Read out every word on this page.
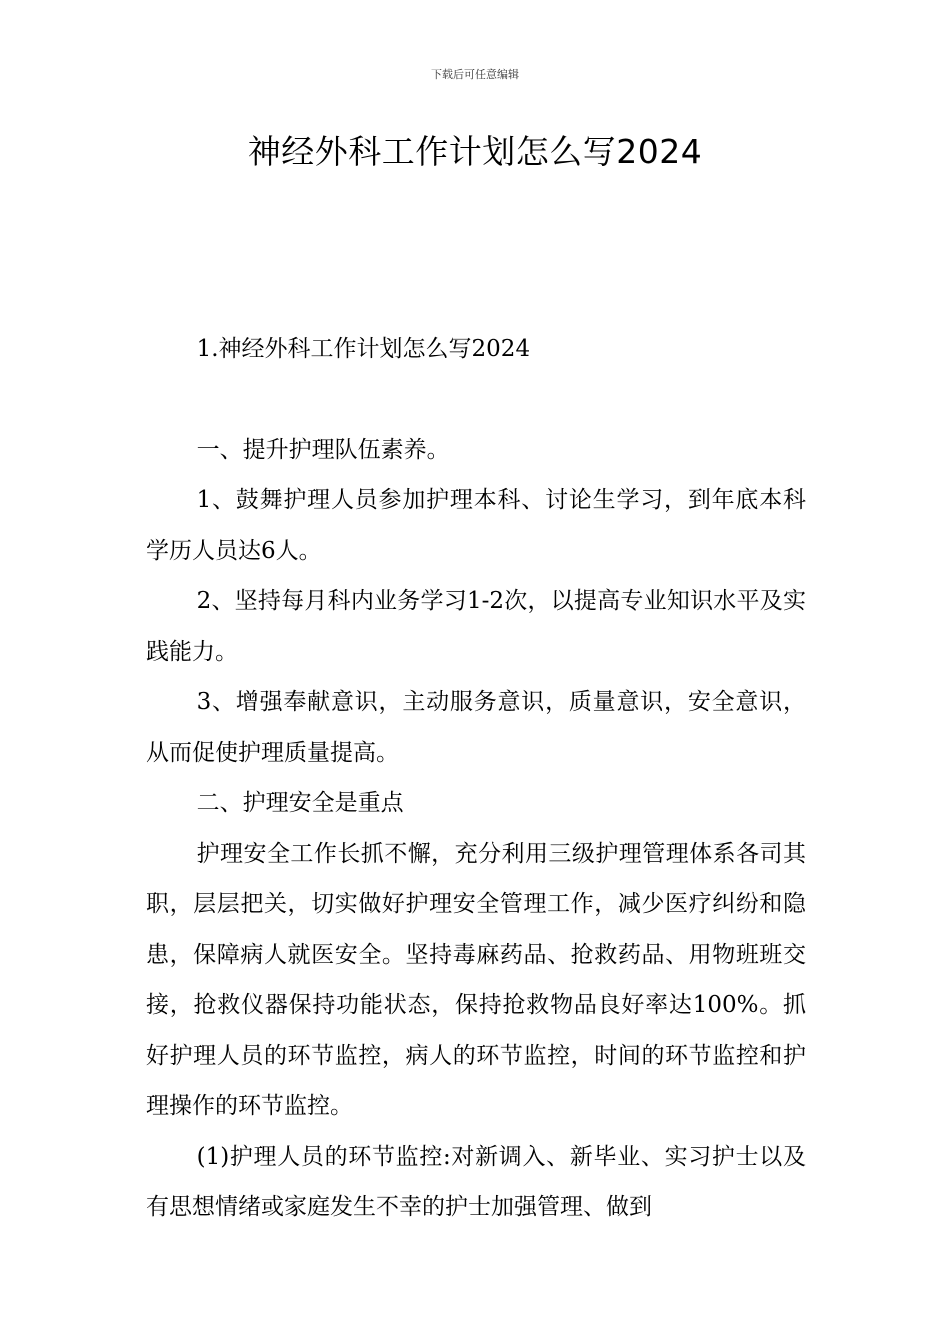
下载后可任意编辑
神经外科工作计划怎么写2024

1.神经外科工作计划怎么写2024

一、提升护理队伍素养。

1、鼓舞护理人员参加护理本科、讨论生学习，到年底本科学历人员达6人。

2、坚持每月科内业务学习1-2次，以提高专业知识水平及实践能力。

3、增强奉献意识，主动服务意识，质量意识，安全意识，从而促使护理质量提高。

二、护理安全是重点

护理安全工作长抓不懈，充分利用三级护理管理体系各司其职，层层把关，切实做好护理安全管理工作，减少医疗纠纷和隐患，保障病人就医安全。坚持毒麻药品、抢救药品、用物班班交接，抢救仪器保持功能状态，保持抢救物品良好率达100%。抓好护理人员的环节监控，病人的环节监控，时间的环节监控和护理操作的环节监控。

(1)护理人员的环节监控:对新调入、新毕业、实习护士以及有思想情绪或家庭发生不幸的护士加强管理、做到
